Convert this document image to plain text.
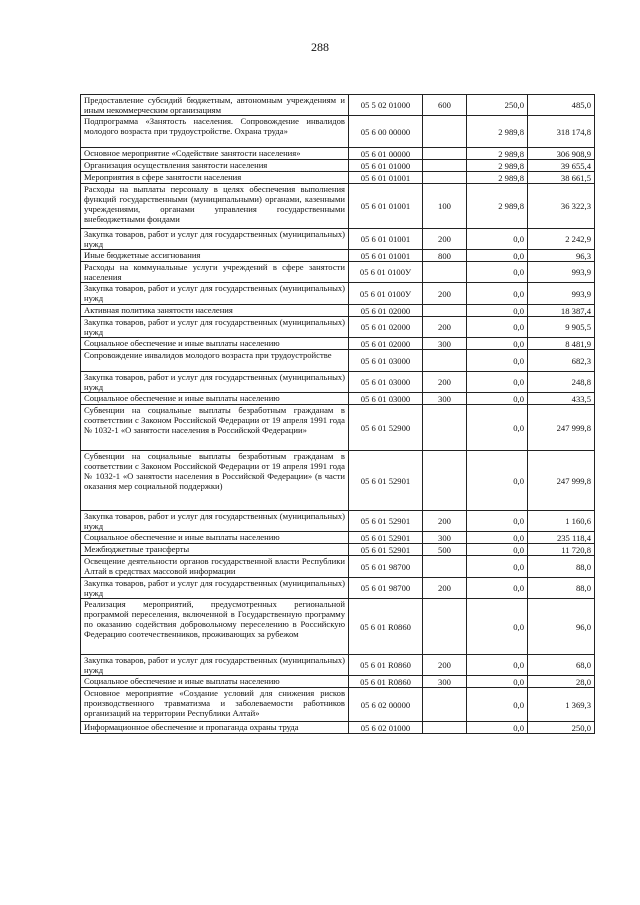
288
Предоставление субсидий бюджетным, автономным учреждениям и иным некоммерческим организациям	05 5 02 01000	600	250,0	485,0
Подпрограмма «Занятость населения. Сопровождение инвалидов молодого возраста при трудоустройстве. Охрана труда»	05 6 00 00000		2 989,8	318 174,8
Основное мероприятие «Содействие занятости населения»	05 6 01 00000		2 989,8	306 908,9
Организация осуществления занятости населения	05 6 01 01000		2 989,8	39 655,4
Мероприятия в сфере занятости населения	05 6 01 01001		2 989,8	38 661,5
Расходы на выплаты персоналу в целях обеспечения выполнения функций государственными (муниципальными) органами, казенными учреждениями, органами управления государственными внебюджетными фондами	05 6 01 01001	100	2 989,8	36 322,3
Закупка товаров, работ и услуг для государственных (муниципальных) нужд	05 6 01 01001	200	0,0	2 242,9
Иные бюджетные ассигнования	05 6 01 01001	800	0,0	96,3
Расходы на коммунальные услуги учреждений в сфере занятости населения	05 6 01 0100У		0,0	993,9
Закупка товаров, работ и услуг для государственных (муниципальных) нужд	05 6 01 0100У	200	0,0	993,9
Активная политика занятости населения	05 6 01 02000		0,0	18 387,4
Закупка товаров, работ и услуг для государственных (муниципальных) нужд	05 6 01 02000	200	0,0	9 905,5
Социальное обеспечение и иные выплаты населению	05 6 01 02000	300	0,0	8 481,9
Сопровождение инвалидов молодого возраста при трудоустройстве	05 6 01 03000		0,0	682,3
Закупка товаров, работ и услуг для государственных (муниципальных) нужд	05 6 01 03000	200	0,0	248,8
Социальное обеспечение и иные выплаты населению	05 6 01 03000	300	0,0	433,5
Субвенции на социальные выплаты безработным гражданам в соответствии с Законом Российской Федерации от 19 апреля 1991 года № 1032-1 «О занятости населения в Российской Федерации»	05 6 01 52900		0,0	247 999,8
Субвенции на социальные выплаты безработным гражданам в соответствии с Законом Российской Федерации от 19 апреля 1991 года № 1032-1 «О занятости населения в Российской Федерации» (в части оказания мер социальной поддержки)	05 6 01 52901		0,0	247 999,8
Закупка товаров, работ и услуг для государственных (муниципальных) нужд	05 6 01 52901	200	0,0	1 160,6
Социальное обеспечение и иные выплаты населению	05 6 01 52901	300	0,0	235 118,4
Межбюджетные трансферты	05 6 01 52901	500	0,0	11 720,8
Освещение деятельности органов государственной власти Республики Алтай в средствах массовой информации	05 6 01 98700		0,0	88,0
Закупка товаров, работ и услуг для государственных (муниципальных) нужд	05 6 01 98700	200	0,0	88,0
Реализация мероприятий, предусмотренных региональной программой переселения, включенной в Государственную программу по оказанию содействия добровольному переселению в Российскую Федерацию соотечественников, проживающих за рубежом	05 6 01 R0860		0,0	96,0
Закупка товаров, работ и услуг для государственных (муниципальных) нужд	05 6 01 R0860	200	0,0	68,0
Социальное обеспечение и иные выплаты населению	05 6 01 R0860	300	0,0	28,0
Основное мероприятие «Создание условий для снижения рисков производственного травматизма и заболеваемости работников организаций на территории Республики Алтай»	05 6 02 00000		0,0	1 369,3
Информационное обеспечение и пропаганда охраны труда	05 6 02 01000		0,0	250,0
